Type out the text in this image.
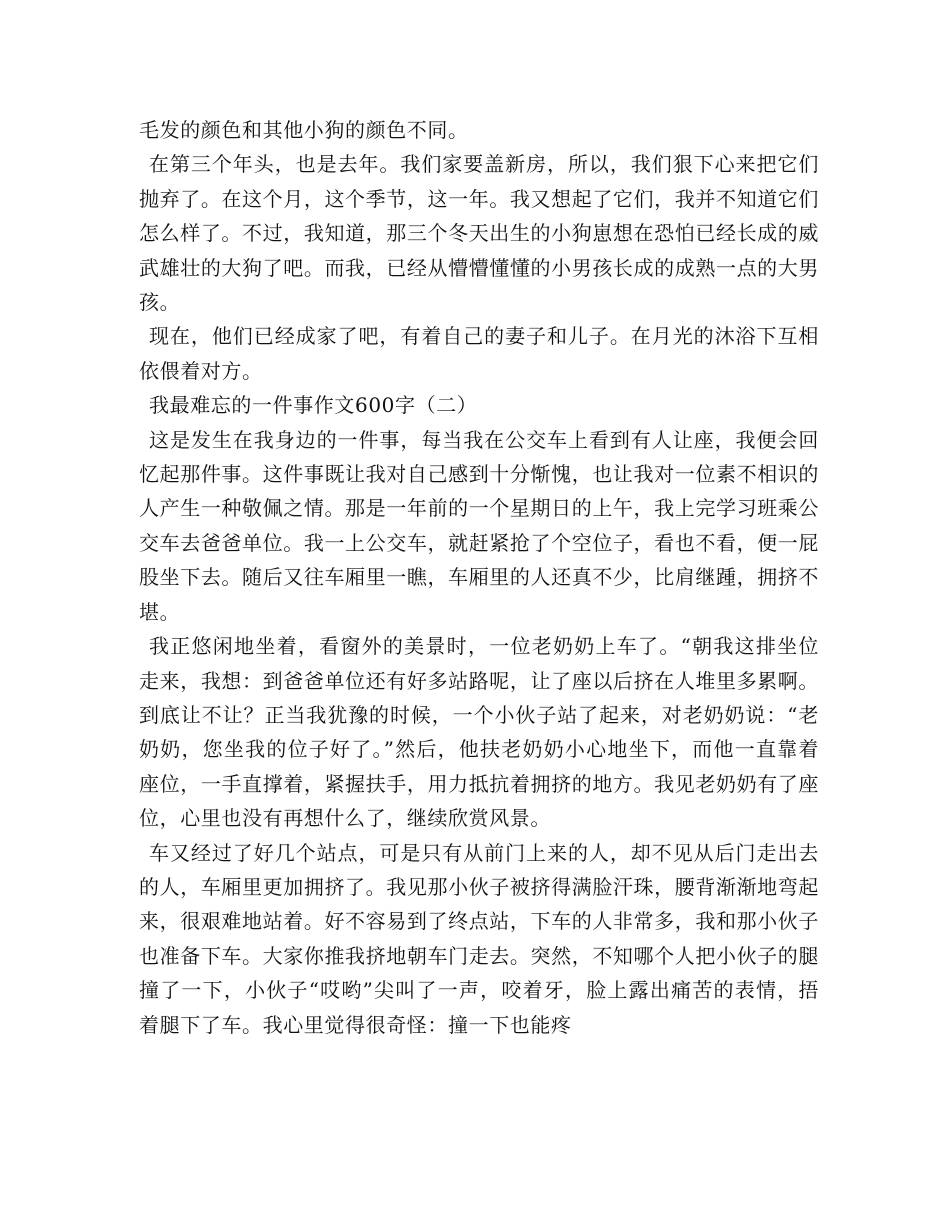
毛发的颜色和其他小狗的颜色不同。

在第三个年头，也是去年。我们家要盖新房，所以，我们狠下心来把它们抛弃了。在这个月，这个季节，这一年。我又想起了它们，我并不知道它们怎么样了。不过，我知道，那三个冬天出生的小狗崽想在恐怕已经长成的威武雄壮的大狗了吧。而我，已经从懵懵懂懂的小男孩长成的成熟一点的大男孩。

现在，他们已经成家了吧，有着自己的妻子和儿子。在月光的沐浴下互相依偎着对方。

我最难忘的一件事作文600字（二）

这是发生在我身边的一件事，每当我在公交车上看到有人让座，我便会回忆起那件事。这件事既让我对自己感到十分惭愧，也让我对一位素不相识的人产生一种敬佩之情。那是一年前的一个星期日的上午，我上完学习班乘公交车去爸爸单位。我一上公交车，就赶紧抢了个空位子，看也不看，便一屁股坐下去。随后又往车厢里一瞧，车厢里的人还真不少，比肩继踵，拥挤不堪。

我正悠闲地坐着，看窗外的美景时，一位老奶奶上车了。“朝我这排坐位走来，我想：到爸爸单位还有好多站路呢，让了座以后挤在人堆里多累啊。到底让不让？正当我犹豫的时候，一个小伙子站了起来，对老奶奶说：“老奶奶，您坐我的位子好了。”然后，他扶老奶奶小心地坐下，而他一直靠着座位，一手直撑着，紧握扶手，用力抵抗着拥挤的地方。我见老奶奶有了座位，心里也没有再想什么了，继续欣赏风景。

车又经过了好几个站点，可是只有从前门上来的人，却不见从后门走出去的人，车厢里更加拥挤了。我见那小伙子被挤得满脸汗珠，腰背渐渐地弯起来，很艰难地站着。好不容易到了终点站，下车的人非常多，我和那小伙子也准备下车。大家你推我挤地朝车门走去。突然，不知哪个人把小伙子的腿撞了一下，小伙子“哎哟”尖叫了一声，咬着牙，脸上露出痛苦的表情，捂着腿下了车。我心里觉得很奇怪：撞一下也能疼
